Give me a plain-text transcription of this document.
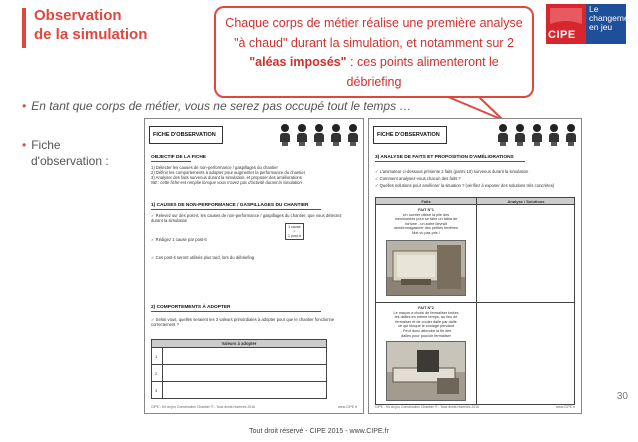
Observation
de la simulation
Chaque corps de métier réalise une première analyse "à chaud" durant la simulation, et notamment sur 2 "aléas imposés" : ces points alimenteront le débriefing
CIPE
Le
changement
en jeu
• En tant que corps de métier, vous ne serez pas occupé tout le temps …
• Fiche
d'observation :
FICHE D'OBSERVATION
OBJECTIF DE LA FICHE
1) Détecter les causes de non-performance / gaspillages du chantier
2) Définir les comportements à adopter pour augmenter la performance du chantier
3) Analyser des faits survenus durant la simulation, et proposer des améliorations
NB : cette fiche est remplie lorsque vous n'avez pas d'activité durant la simulation
1) CAUSES DE NON-PERFORMANCE / GASPILLAGES DU CHANTIER
✓ Relevez sur des post-it, les causes de non-performance / gaspillages du chantier, que vous détectez
durant la simulation
✓ Rédigez 1 cause par post-it
✓ Ces post-it seront utilisés plus tard, lors du débriefing
1 cause
=
1 post-it
2) COMPORTEMENTS À ADOPTER
✓ Selon vous, quelles seraient les 3 valeurs primordiales à adopter pour que le chantier fonctionne
correctement ?
Valeurs à adopter
1
2
3
CIPE - Kit du jeu Construction Chantier ® - Tous droits réservés 2016	www.CIPE.fr
FICHE D'OBSERVATION
3) ANALYSE DE FAITS ET PROPOSITION D'AMÉLIORATIONS
✓ L'animateur ci-dessous présente 2 faits (parmi 10) survenus durant la simulation
✓ Comment analysez-vous chacun des faits ?
✓ Quelles solutions pour améliorer la situation ? (vérifiez à exposer des solutions très concrètes)
Faits	Analyse / Solutions
FAIT N°1
Un ouvrier utilise la pile des
menuiseries pour se faire un tabla de
fortune - un autre devrait
sembrrmagasiner des petites fenêtres
Mal vu pas pris !
FAIT N°2
Le maçon a choisi de fermaliser toutes
les dalles en même temps, au lieu de
fermalser et de couler dalle par dalle
ce qui bloque le coulage pendant
- Peut donc attendre la fin des
dalles pour pouvoir fermaliser
CIPE - Kit du jeu Construction Chantier ® - Tous droits réservés 2016	www.CIPE.fr
30
Tout droit réservé - CIPE 2015 - www.CIPE.fr
